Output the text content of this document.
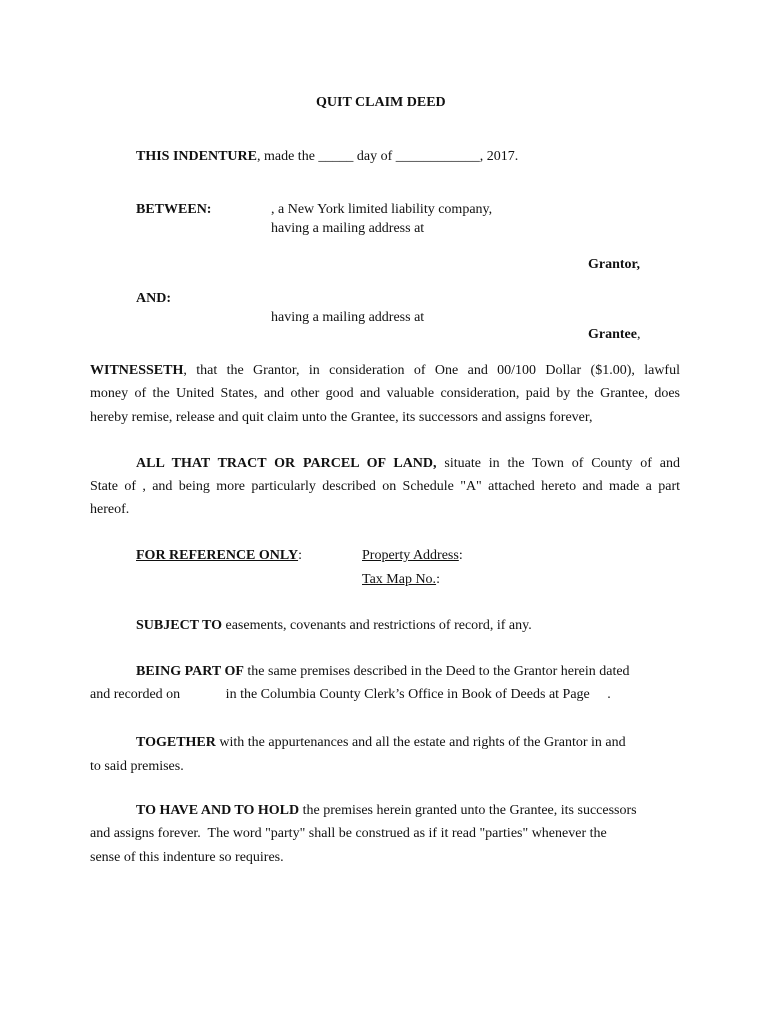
QUIT CLAIM DEED
THIS INDENTURE, made the _____ day of ____________, 2017.
BETWEEN:	, a New York limited liability company,
having a mailing address at
Grantor,
AND:
having a mailing address at
Grantee,
WITNESSETH, that the Grantor, in consideration of One and 00/100 Dollar ($1.00), lawful
money of the United States, and other good and valuable consideration, paid by the Grantee, does
hereby remise, release and quit claim unto the Grantee, its successors and assigns forever,
ALL THAT TRACT OR PARCEL OF LAND, situate in the Town of County of and
State of , and being more particularly described on Schedule "A" attached hereto and made a part
hereof.
FOR REFERENCE ONLY:	Property Address:
Tax Map No.:
SUBJECT TO easements, covenants and restrictions of record, if any.
BEING PART OF the same premises described in the Deed to the Grantor herein dated
and recorded on             in the Columbia County Clerk’s Office in Book of Deeds at Page     .
TOGETHER with the appurtenances and all the estate and rights of the Grantor in and
to said premises.
TO HAVE AND TO HOLD the premises herein granted unto the Grantee, its successors
and assigns forever.  The word "party" shall be construed as if it read "parties" whenever the
sense of this indenture so requires.
